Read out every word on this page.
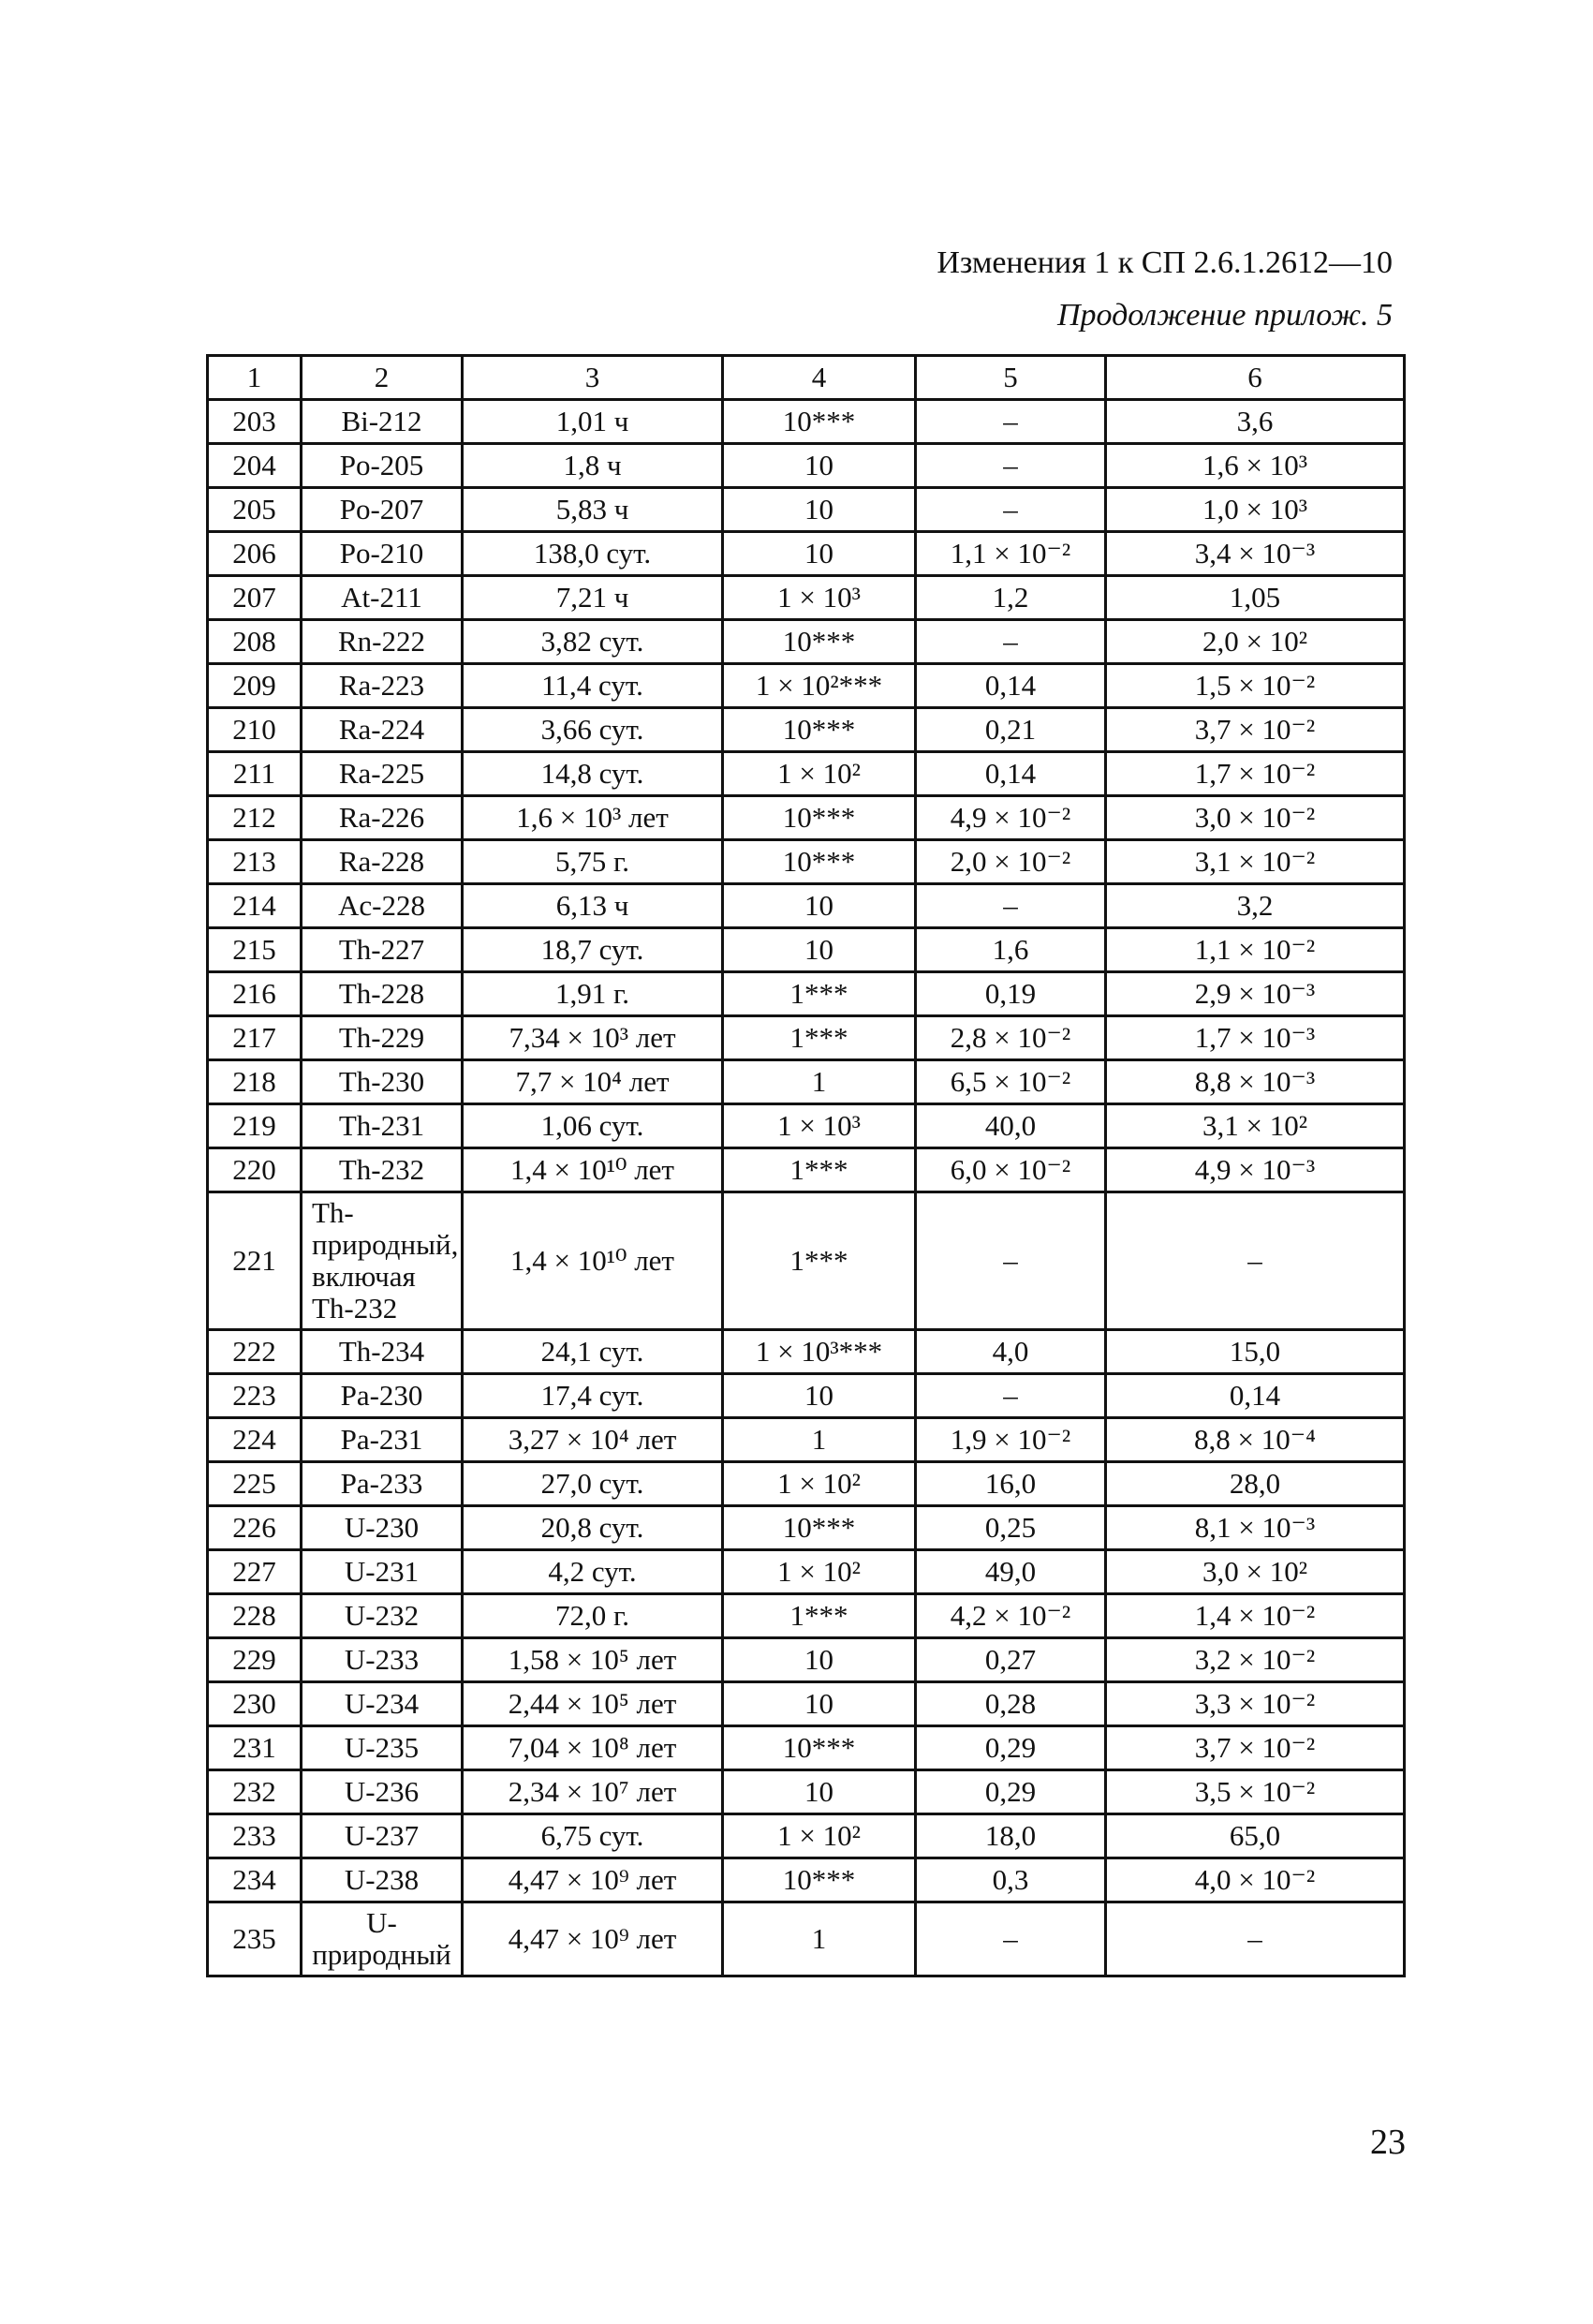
Изменения 1 к СП 2.6.1.2612—10
Продолжение прилож. 5
1	2	3	4	5	6
203	Bi-212	1,01 ч	10***	–	3,6
204	Po-205	1,8 ч	10	–	1,6 × 10³
205	Po-207	5,83 ч	10	–	1,0 × 10³
206	Po-210	138,0 сут.	10	1,1 × 10⁻²	3,4 × 10⁻³
207	At-211	7,21 ч	1 × 10³	1,2	1,05
208	Rn-222	3,82 сут.	10***	–	2,0 × 10²
209	Ra-223	11,4 сут.	1 × 10²***	0,14	1,5 × 10⁻²
210	Ra-224	3,66 сут.	10***	0,21	3,7 × 10⁻²
211	Ra-225	14,8 сут.	1 × 10²	0,14	1,7 × 10⁻²
212	Ra-226	1,6 × 10³ лет	10***	4,9 × 10⁻²	3,0 × 10⁻²
213	Ra-228	5,75 г.	10***	2,0 × 10⁻²	3,1 × 10⁻²
214	Ac-228	6,13 ч	10	–	3,2
215	Th-227	18,7 сут.	10	1,6	1,1 × 10⁻²
216	Th-228	1,91 г.	1***	0,19	2,9 × 10⁻³
217	Th-229	7,34 × 10³ лет	1***	2,8 × 10⁻²	1,7 × 10⁻³
218	Th-230	7,7 × 10⁴ лет	1	6,5 × 10⁻²	8,8 × 10⁻³
219	Th-231	1,06 сут.	1 × 10³	40,0	3,1 × 10²
220	Th-232	1,4 × 10¹⁰ лет	1***	6,0 × 10⁻²	4,9 × 10⁻³
221	Th-природный, включая Th-232	1,4 × 10¹⁰ лет	1***	–	–
222	Th-234	24,1 сут.	1 × 10³***	4,0	15,0
223	Pa-230	17,4 сут.	10	–	0,14
224	Pa-231	3,27 × 10⁴ лет	1	1,9 × 10⁻²	8,8 × 10⁻⁴
225	Pa-233	27,0 сут.	1 × 10²	16,0	28,0
226	U-230	20,8 сут.	10***	0,25	8,1 × 10⁻³
227	U-231	4,2 сут.	1 × 10²	49,0	3,0 × 10²
228	U-232	72,0 г.	1***	4,2 × 10⁻²	1,4 × 10⁻²
229	U-233	1,58 × 10⁵ лет	10	0,27	3,2 × 10⁻²
230	U-234	2,44 × 10⁵ лет	10	0,28	3,3 × 10⁻²
231	U-235	7,04 × 10⁸ лет	10***	0,29	3,7 × 10⁻²
232	U-236	2,34 × 10⁷ лет	10	0,29	3,5 × 10⁻²
233	U-237	6,75 сут.	1 × 10²	18,0	65,0
234	U-238	4,47 × 10⁹ лет	10***	0,3	4,0 × 10⁻²
235	U-природный	4,47 × 10⁹ лет	1	–	–
23
